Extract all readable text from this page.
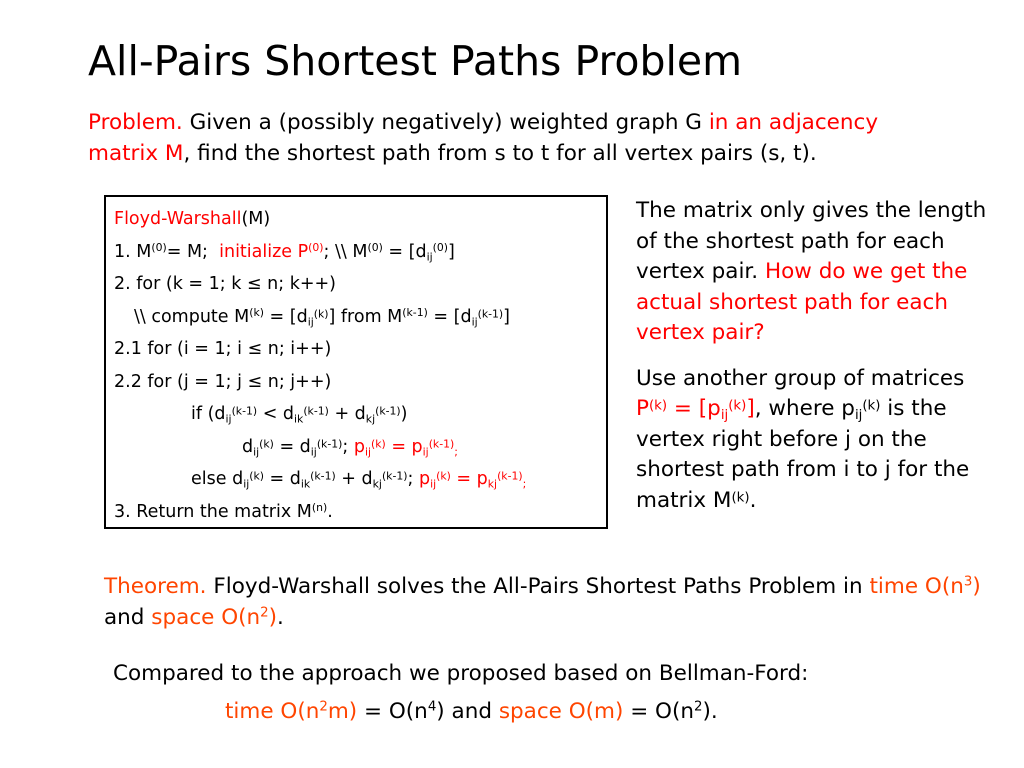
All-Pairs Shortest Paths Problem
Problem. Given a (possibly negatively) weighted graph G in an adjacency matrix M, find the shortest path from s to t for all vertex pairs (s, t).
Floyd-Warshall(M)
1. $M^{(0)}= M$; initialize $P^{(0)}$; \\ $M^{(0)} = [d_{ij}^{(0)}]$
2. for (k = 1; k ≤ n; k++)
\\ compute $M^{(k)} = [d_{ij}^{(k)}]$ from $M^{(k-1)} = [d_{ij}^{(k-1)}]$
2.1 for (i = 1; i ≤ n; i++)
2.2 for (j = 1; j ≤ n; j++)
if $(d_{ij}^{(k-1)} < d_{ik}^{(k-1)} + d_{kj}^{(k-1)})$
$d_{ij}^{(k)} = d_{ij}^{(k-1)}$; $p_{ij}^{(k)} = p_{ij}^{(k-1)}_;$
else $d_{ij}^{(k)} = d_{ik}^{(k-1)} + d_{kj}^{(k-1)}$; $p_{ij}^{(k)} = p_{kj}^{(k-1)}_;$
3. Return the matrix $M^{(n)}$.

The matrix only gives the length of the shortest path for each vertex pair. How do we get the actual shortest path for each vertex pair?

Use another group of matrices $P^{(k)} = [p_{ij}^{(k)}]$, where $p_{ij}^{(k)}$ is the vertex right before j on the shortest path from i to j for the matrix $M^{(k)}$.

Theorem. Floyd-Warshall solves the All-Pairs Shortest Paths Problem in time $O(n^3)$ and space $O(n^2)$.
Compared to the approach we proposed based on Bellman-Ford:
time $O(n^2m) = O(n^4)$ and space $O(m) = O(n^2)$.
